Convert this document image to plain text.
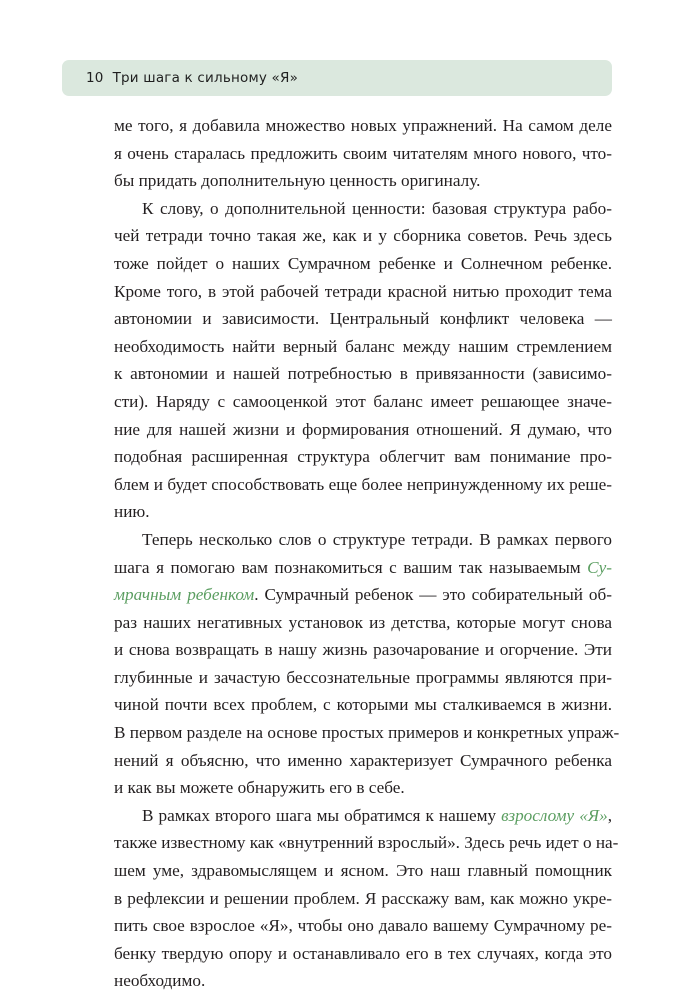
10 Три шага к сильному «Я»
ме того, я добавила множество новых упражнений. На самом деле
я очень старалась предложить своим читателям много нового, что-
бы придать дополнительную ценность оригиналу.
К слову, о дополнительной ценности: базовая структура рабо-
чей тетради точно такая же, как и у сборника советов. Речь здесь
тоже пойдет о наших Сумрачном ребенке и Солнечном ребенке.
Кроме того, в этой рабочей тетради красной нитью проходит тема
автономии и зависимости. Центральный конфликт человека —
необходимость найти верный баланс между нашим стремлением
к автономии и нашей потребностью в привязанности (зависимо-
сти). Наряду с самооценкой этот баланс имеет решающее значе-
ние для нашей жизни и формирования отношений. Я думаю, что
подобная расширенная структура облегчит вам понимание про-
блем и будет способствовать еще более непринужденному их реше-
нию.
Теперь несколько слов о структуре тетради. В рамках первого
шага я помогаю вам познакомиться с вашим так называемым Су-
мрачным ребенком. Сумрачный ребенок — это собирательный об-
раз наших негативных установок из детства, которые могут снова
и снова возвращать в нашу жизнь разочарование и огорчение. Эти
глубинные и зачастую бессознательные программы являются при-
чиной почти всех проблем, с которыми мы сталкиваемся в жизни.
В первом разделе на основе простых примеров и конкретных упраж-
нений я объясню, что именно характеризует Сумрачного ребенка
и как вы можете обнаружить его в себе.
В рамках второго шага мы обратимся к нашему взрослому «Я»,
также известному как «внутренний взрослый». Здесь речь идет о на-
шем уме, здравомыслящем и ясном. Это наш главный помощник
в рефлексии и решении проблем. Я расскажу вам, как можно укре-
пить свое взрослое «Я», чтобы оно давало вашему Сумрачному ре-
бенку твердую опору и останавливало его в тех случаях, когда это
необходимо.
